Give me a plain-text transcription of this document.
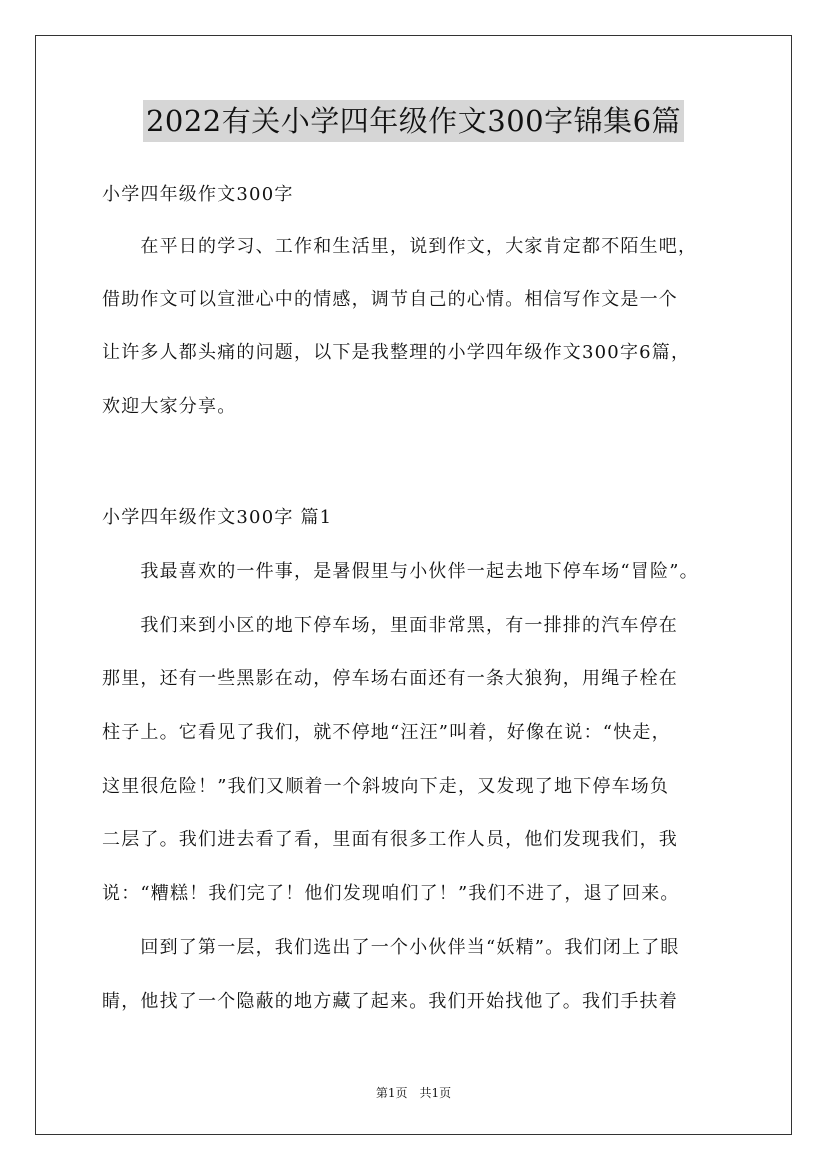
2022有关小学四年级作文300字锦集6篇
小学四年级作文300字
　　在平日的学习、工作和生活里，说到作文，大家肯定都不陌生吧，
借助作文可以宣泄心中的情感，调节自己的心情。相信写作文是一个
让许多人都头痛的问题，以下是我整理的小学四年级作文300字6篇，
欢迎大家分享。
小学四年级作文300字 篇1
　　我最喜欢的一件事，是暑假里与小伙伴一起去地下停车场“冒险”。
　　我们来到小区的地下停车场，里面非常黑，有一排排的汽车停在
那里，还有一些黑影在动，停车场右面还有一条大狼狗，用绳子栓在
柱子上。它看见了我们，就不停地“汪汪”叫着，好像在说：“快走，
这里很危险！”我们又顺着一个斜坡向下走，又发现了地下停车场负
二层了。我们进去看了看，里面有很多工作人员，他们发现我们，我
说：“糟糕！我们完了！他们发现咱们了！”我们不进了，退了回来。
　　回到了第一层，我们选出了一个小伙伴当“妖精”。我们闭上了眼
睛，他找了一个隐蔽的地方藏了起来。我们开始找他了。我们手扶着
第1页　共1页
